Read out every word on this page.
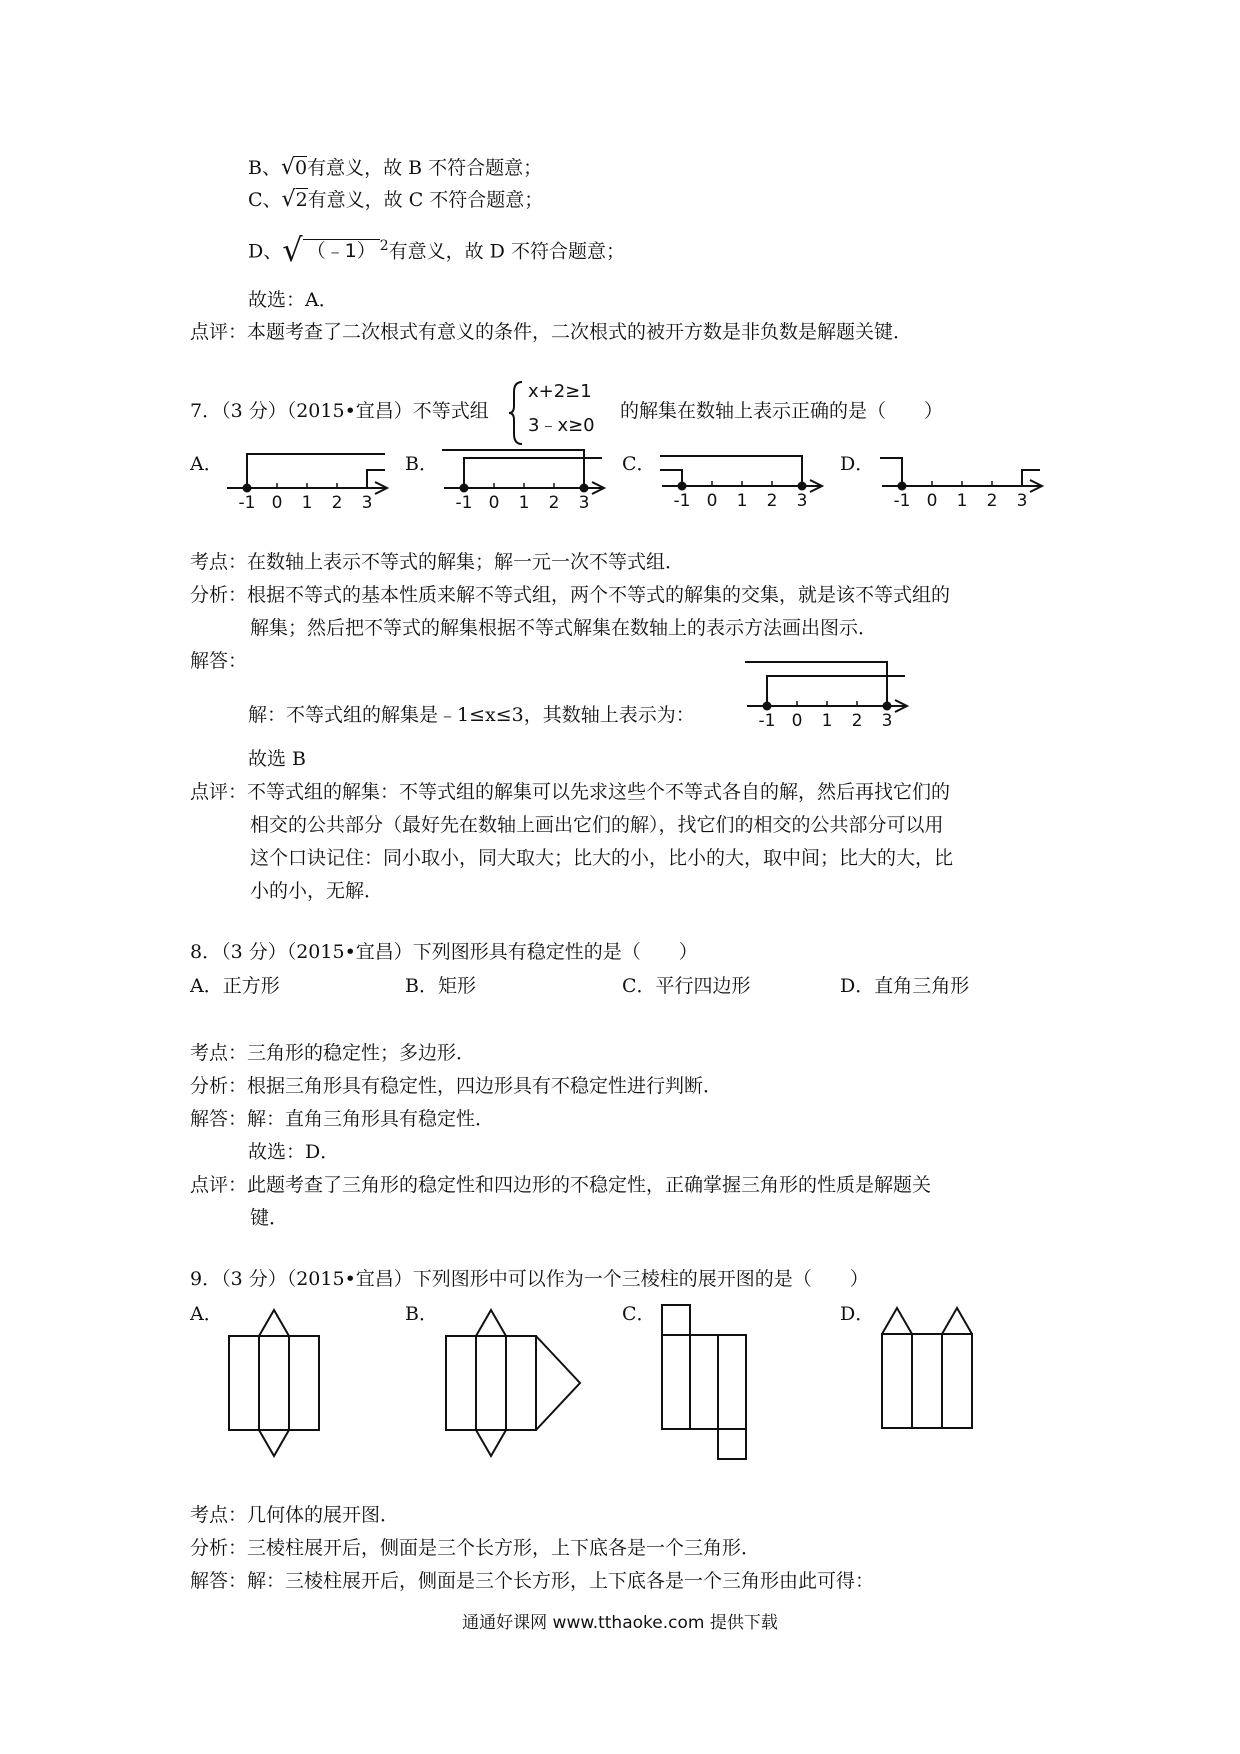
B、√0有意义，故 B 不符合题意；
C、√2有意义，故 C 不符合题意；
D、√ （﹣1） $^2$有意义，故 D 不符合题意；
故选：A．
点评：本题考查了二次根式有意义的条件，二次根式的被开方数是非负数是解题关键．
7．（3 分）（2015•宜昌）不等式组
x+2≥1
3﹣x≥0
的解集在数轴上表示正确的是（　　）
A．	B．	C．	D．
-1 0 1 2 3	-1 0 1 2 3	-1 0 1 2 3	-1 0 1 2 3
考点：在数轴上表示不等式的解集；解一元一次不等式组．
分析：根据不等式的基本性质来解不等式组，两个不等式的解集的交集，就是该不等式组的
解集；然后把不等式的解集根据不等式解集在数轴上的表示方法画出图示．
解答：
解：不等式组的解集是﹣1≤x≤3，其数轴上表示为：	-1 0 1 2 3
故选 B
点评：不等式组的解集：不等式组的解集可以先求这些个不等式各自的解，然后再找它们的
相交的公共部分（最好先在数轴上画出它们的解），找它们的相交的公共部分可以用
这个口诀记住：同小取小，同大取大；比大的小，比小的大，取中间；比大的大，比
小的小，无解．
8．（3 分）（2015•宜昌）下列图形具有稳定性的是（　　）
A．正方形	B．矩形	C．平行四边形	D．直角三角形
考点：三角形的稳定性；多边形．
分析：根据三角形具有稳定性，四边形具有不稳定性进行判断．
解答：解：直角三角形具有稳定性．
故选：D．
点评：此题考查了三角形的稳定性和四边形的不稳定性，正确掌握三角形的性质是解题关
键．
9．（3 分）（2015•宜昌）下列图形中可以作为一个三棱柱的展开图的是（　　）
A．	B．	C．	D．
考点：几何体的展开图．
分析：三棱柱展开后，侧面是三个长方形，上下底各是一个三角形．
解答：解：三棱柱展开后，侧面是三个长方形，上下底各是一个三角形由此可得：
通通好课网 www.tthaoke.com 提供下载
